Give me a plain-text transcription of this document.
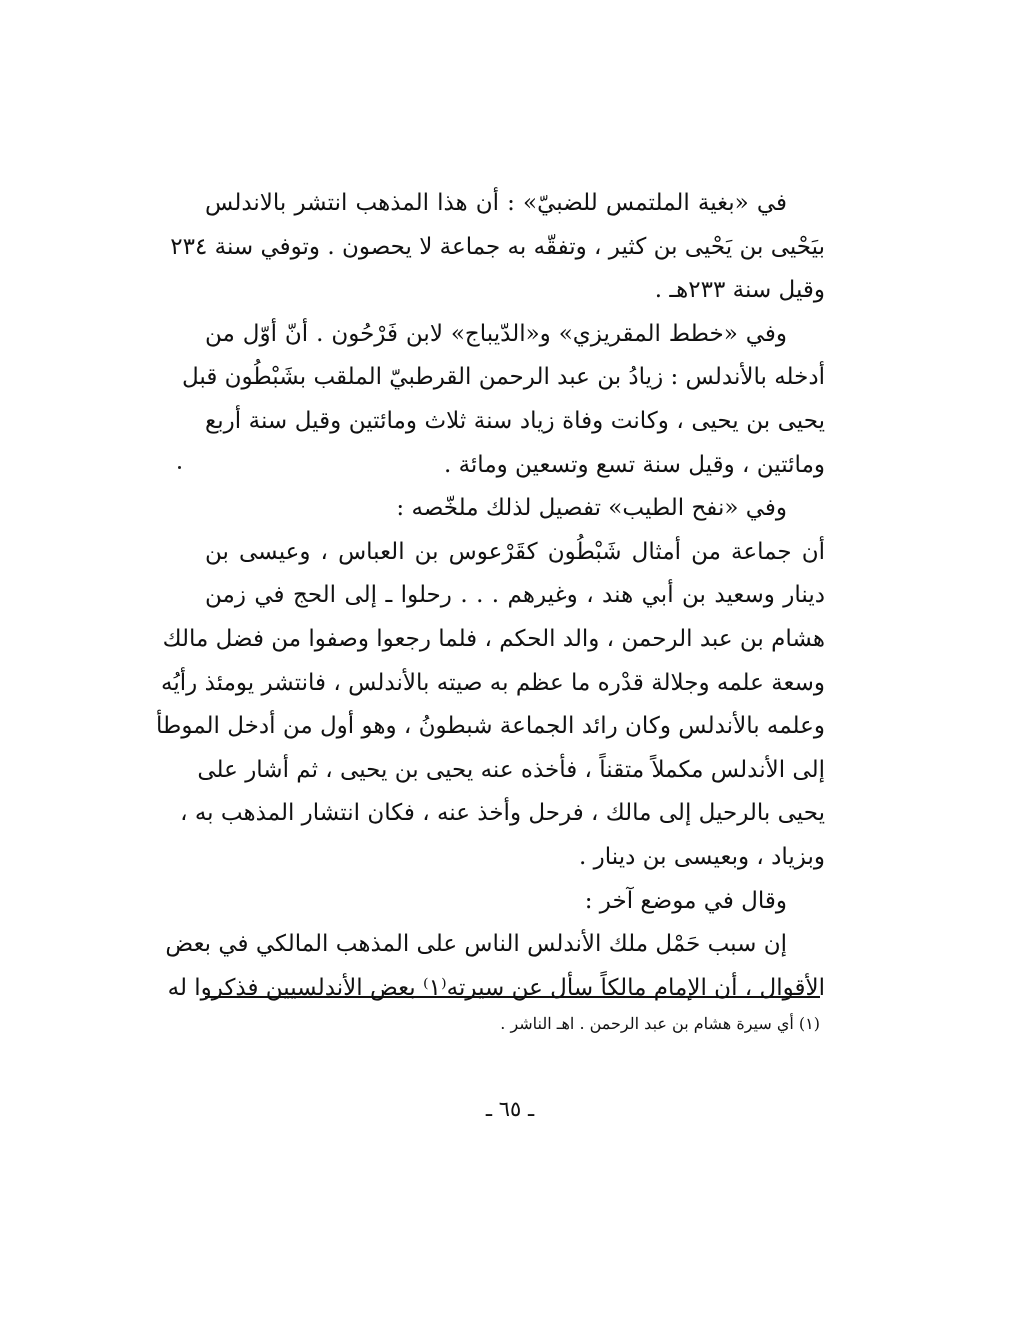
في «بغية الملتمس للضبيّ» : أن هذا المذهب انتشر بالاندلس
بيَحْيى بن يَحْيى بن كثير ، وتفقّه به جماعة لا يحصون . وتوفي سنة ٢٣٤
وقيل سنة ٢٣٣هـ .
وفي «خطط المقريزي» و«الدّيباج» لابن فَرْحُون . أنّ أوّل من
أدخله بالأندلس : زيادُ بن عبد الرحمن القرطبيّ الملقب بشَبْطُون قبل
يحيى بن يحيى ، وكانت وفاة زياد سنة ثلاث ومائتين وقيل سنة أربع
ومائتين ، وقيل سنة تسع وتسعين ومائة .
وفي «نفح الطيب» تفصيل لذلك ملخّصه :
أن جماعة من أمثال شَبْطُون كقَرْعوس بن العباس ، وعيسى بن
دينار وسعيد بن أبي هند ، وغيرهم . . . رحلوا ـ إلى الحج في زمن
هشام بن عبد الرحمن ، والد الحكم ، فلما رجعوا وصفوا من فضل مالك
وسعة علمه وجلالة قدْره ما عظم به صيته بالأندلس ، فانتشر يومئذ رأيُه
وعلمه بالأندلس وكان رائد الجماعة شبطونُ ، وهو أول من أدخل الموطأ
إلى الأندلس مكملاً متقناً ، فأخذه عنه يحيى بن يحيى ، ثم أشار على
يحيى بالرحيل إلى مالك ، فرحل وأخذ عنه ، فكان انتشار المذهب به ،
وبزياد ، وبعيسى بن دينار .
وقال في موضع آخر :
إن سبب حَمْل ملك الأندلس الناس على المذهب المالكي في بعض
الأقوال ، أن الإمام مالكاً سأل عن سيرته⁽١⁾ بعض الأندلسيين فذكروا له
(١) أي سيرة هشام بن عبد الرحمن . اهـ الناشر .
ـ ٦٥ ـ
